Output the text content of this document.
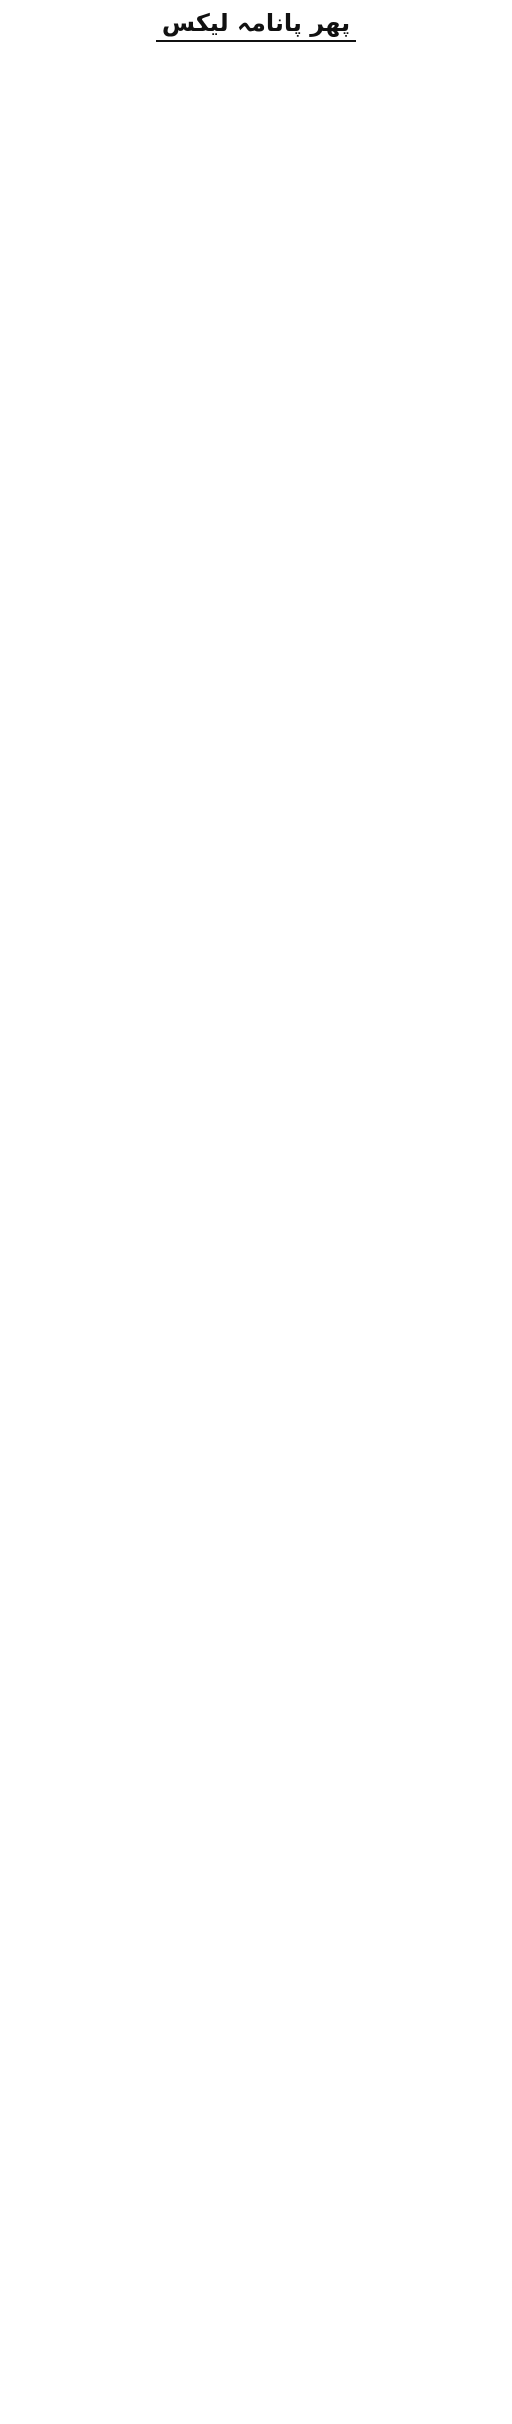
پھر پانامہ لیکس
